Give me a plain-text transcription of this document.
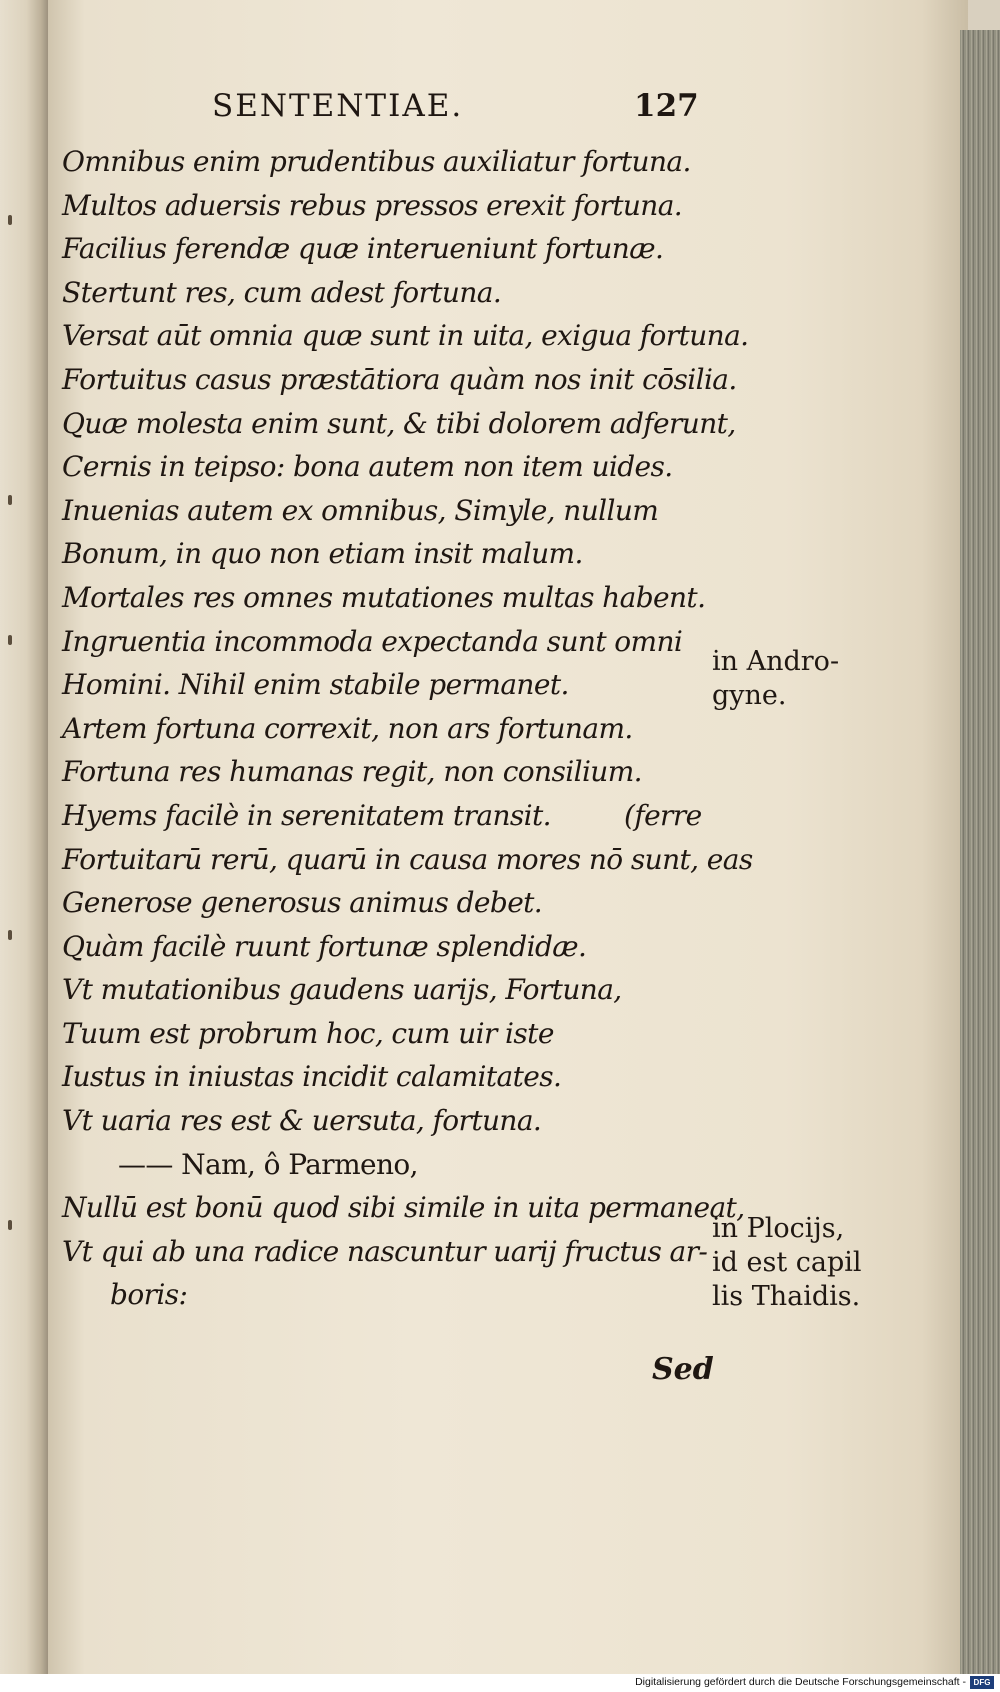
SENTENTIAE.	127
Omnibus enim prudentibus auxiliatur fortuna.
Multos aduersis rebus pressos erexit fortuna.
Facilius ferendæ quæ interueniunt fortunæ.
Stertunt res, cum adest fortuna.
Versat aūt omnia quæ sunt in uita, exigua fortuna.
Fortuitus casus præstātiora quàm nos init cōsilia.
Quæ molesta enim sunt, & tibi dolorem adferunt,
Cernis in teipso: bona autem non item uides.
Inuenias autem ex omnibus, Simyle, nullum
Bonum, in quo non etiam insit malum.
Mortales res omnes mutationes multas habent.
Ingruentia incommoda expectanda sunt omni
Homini. Nihil enim stabile permanet.
Artem fortuna correxit, non ars fortunam.
Fortuna res humanas regit, non consilium.
Hyems facilè in serenitatem transit.	(ferre
Fortuitarū rerū, quarū in causa mores nō sunt, eas
Generose generosus animus debet.
Quàm facilè ruunt fortunæ splendidæ.
Vt mutationibus gaudens uarijs, Fortuna,
Tuum est probrum hoc, cum uir iste
Iustus in iniustas incidit calamitates.
Vt uaria res est & uersuta, fortuna.
—— Nam, ô Parmeno,
Nullū est bonū quod sibi simile in uita permaneat,
Vt qui ab una radice nascuntur uarij fructus ar-
boris:
in Andro-
gyne.
in Plocijs,
id est capil
lis Thaidis.
Sed
Digitalisierung gefördert durch die Deutsche Forschungsgemeinschaft - DFG
